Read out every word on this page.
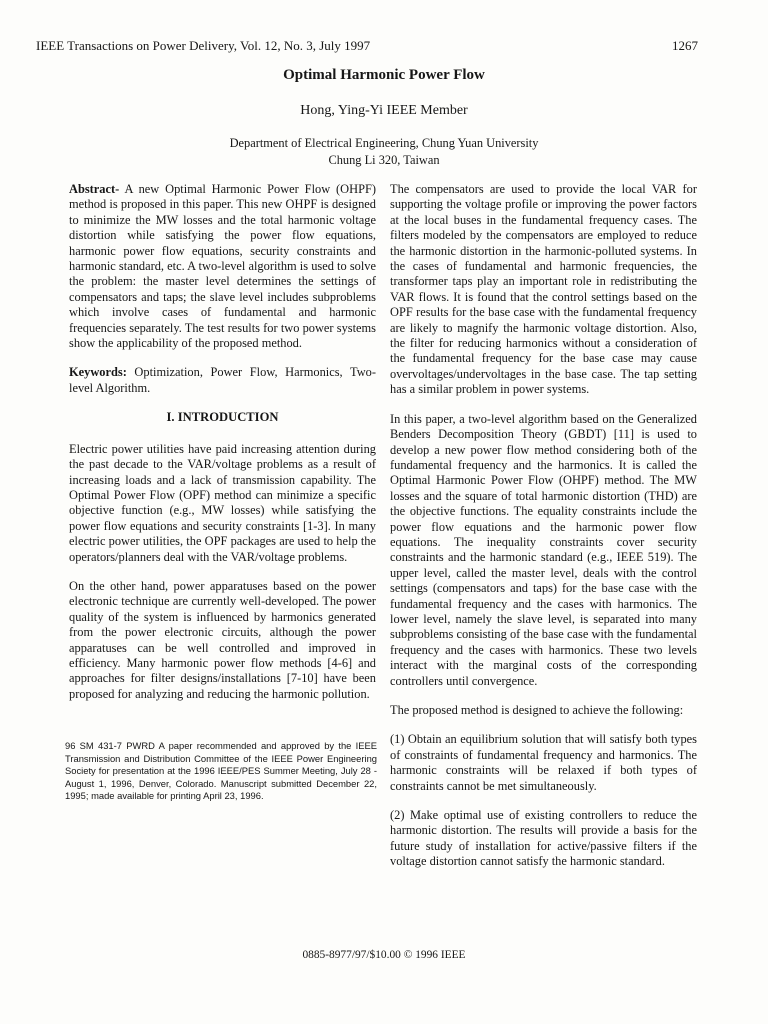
IEEE Transactions on Power Delivery, Vol. 12, No. 3, July 1997	1267
Optimal Harmonic Power Flow
Hong, Ying-Yi IEEE Member
Department of Electrical Engineering, Chung Yuan University
Chung Li 320, Taiwan

Abstract- A new Optimal Harmonic Power Flow (OHPF) method is proposed in this paper. This new OHPF is designed to minimize the MW losses and the total harmonic voltage distortion while satisfying the power flow equations, harmonic power flow equations, security constraints and harmonic standard, etc. A two-level algorithm is used to solve the problem: the master level determines the settings of compensators and taps; the slave level includes subproblems which involve cases of fundamental and harmonic frequencies separately. The test results for two power systems show the applicability of the proposed method.

Keywords: Optimization, Power Flow, Harmonics, Two-level Algorithm.

I. INTRODUCTION

Electric power utilities have paid increasing attention during the past decade to the VAR/voltage problems as a result of increasing loads and a lack of transmission capability. The Optimal Power Flow (OPF) method can minimize a specific objective function (e.g., MW losses) while satisfying the power flow equations and security constraints [1-3]. In many electric power utilities, the OPF packages are used to help the operators/planners deal with the VAR/voltage problems.

On the other hand, power apparatuses based on the power electronic technique are currently well-developed. The power quality of the system is influenced by harmonics generated from the power electronic circuits, although the power apparatuses can be well controlled and improved in efficiency. Many harmonic power flow methods [4-6] and approaches for filter designs/installations [7-10] have been proposed for analyzing and reducing the harmonic pollution.

96 SM 431-7 PWRD A paper recommended and approved by the IEEE Transmission and Distribution Committee of the IEEE Power Engineering Society for presentation at the 1996 IEEE/PES Summer Meeting, July 28 - August 1, 1996, Denver, Colorado. Manuscript submitted December 22, 1995; made available for printing April 23, 1996.

The compensators are used to provide the local VAR for supporting the voltage profile or improving the power factors at the local buses in the fundamental frequency cases. The filters modeled by the compensators are employed to reduce the harmonic distortion in the harmonic-polluted systems. In the cases of fundamental and harmonic frequencies, the transformer taps play an important role in redistributing the VAR flows. It is found that the control settings based on the OPF results for the base case with the fundamental frequency are likely to magnify the harmonic voltage distortion. Also, the filter for reducing harmonics without a consideration of the fundamental frequency for the base case may cause overvoltages/undervoltages in the base case. The tap setting has a similar problem in power systems.

In this paper, a two-level algorithm based on the Generalized Benders Decomposition Theory (GBDT) [11] is used to develop a new power flow method considering both of the fundamental frequency and the harmonics. It is called the Optimal Harmonic Power Flow (OHPF) method. The MW losses and the square of total harmonic distortion (THD) are the objective functions. The equality constraints include the power flow equations and the harmonic power flow equations. The inequality constraints cover security constraints and the harmonic standard (e.g., IEEE 519). The upper level, called the master level, deals with the control settings (compensators and taps) for the base case with the fundamental frequency and the cases with harmonics. The lower level, namely the slave level, is separated into many subproblems consisting of the base case with the fundamental frequency and the cases with harmonics. These two levels interact with the marginal costs of the corresponding controllers until convergence.

The proposed method is designed to achieve the following:

(1) Obtain an equilibrium solution that will satisfy both types of constraints of fundamental frequency and harmonics. The harmonic constraints will be relaxed if both types of constraints cannot be met simultaneously.

(2) Make optimal use of existing controllers to reduce the harmonic distortion. The results will provide a basis for the future study of installation for active/passive filters if the voltage distortion cannot satisfy the harmonic standard.

0885-8977/97/$10.00 © 1996 IEEE
